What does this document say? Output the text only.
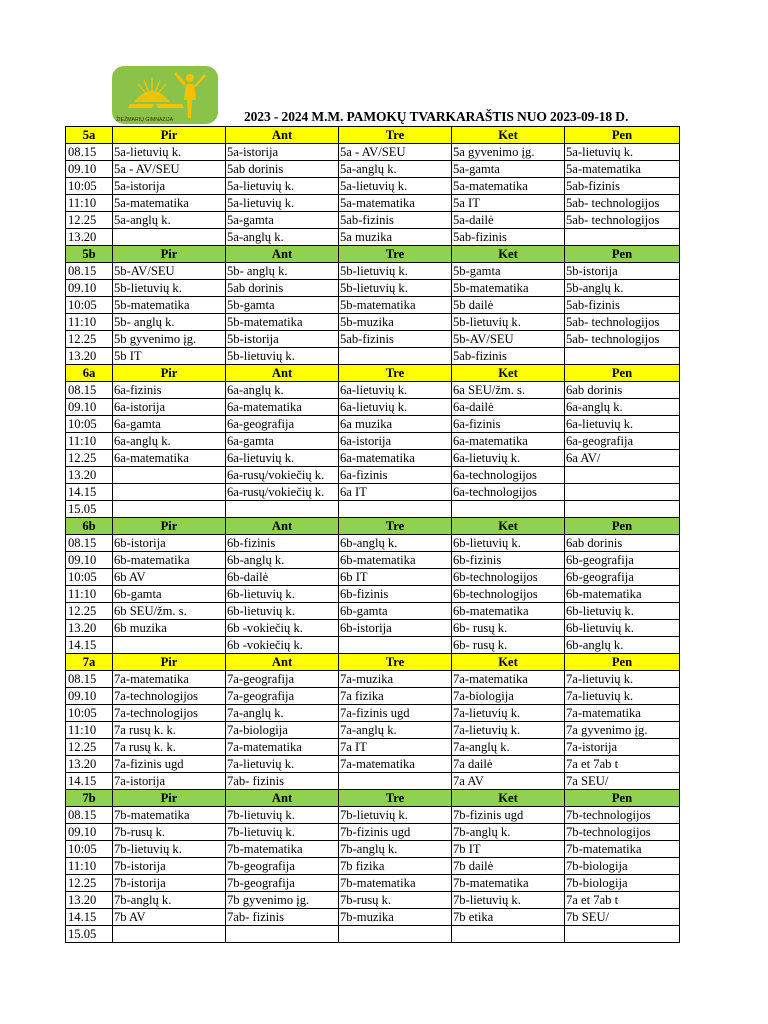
ŽIEŽMARIŲ GIMNAZIJA	2023 - 2024 M.M. PAMOKŲ TVARKARAŠTIS NUO 2023-09-18 D.
5a	Pir	Ant	Tre	Ket	Pen
08.15	5a-lietuvių k.	5a-istorija	5a - AV/SEU	5a gyvenimo įg.	5a-lietuvių k.
09.10	5a - AV/SEU	5ab dorinis	5a-anglų k.	5a-gamta	5a-matematika
10:05	5a-istorija	5a-lietuvių k.	5a-lietuvių k.	5a-matematika	5ab-fizinis
11:10	5a-matematika	5a-lietuvių k.	5a-matematika	5a IT	5ab- technologijos
12.25	5a-anglų k.	5a-gamta	5ab-fizinis	5a-dailė	5ab- technologijos
13.20		5a-anglų k.	5a muzika	5ab-fizinis	
5b	Pir	Ant	Tre	Ket	Pen
08.15	5b-AV/SEU	5b- anglų k.	5b-lietuvių k.	5b-gamta	5b-istorija
09.10	5b-lietuvių k.	5ab dorinis	5b-lietuvių k.	5b-matematika	5b-anglų k.
10:05	5b-matematika	5b-gamta	5b-matematika	5b dailė	5ab-fizinis
11:10	5b- anglų k.	5b-matematika	5b-muzika	5b-lietuvių k.	5ab- technologijos
12.25	5b gyvenimo įg.	5b-istorija	5ab-fizinis	5b-AV/SEU	5ab- technologijos
13.20	5b IT	5b-lietuvių k.		5ab-fizinis	
6a	Pir	Ant	Tre	Ket	Pen
08.15	6a-fizinis	6a-anglų k.	6a-lietuvių k.	6a SEU/žm. s.	6ab dorinis
09.10	6a-istorija	6a-matematika	6a-lietuvių k.	6a-dailė	6a-anglų k.
10:05	6a-gamta	6a-geografija	6a muzika	6a-fizinis	6a-lietuvių k.
11:10	6a-anglų k.	6a-gamta	6a-istorija	6a-matematika	6a-geografija
12.25	6a-matematika	6a-lietuvių k.	6a-matematika	6a-lietuvių k.	6a AV/
13.20		6a-rusų/vokiečių k.	6a-fizinis	6a-technologijos	
14.15		6a-rusų/vokiečių k.	6a IT	6a-technologijos	
15.05					
6b	Pir	Ant	Tre	Ket	Pen
08.15	6b-istorija	6b-fizinis	6b-anglų k.	6b-lietuvių k.	6ab dorinis
09.10	6b-matematika	6b-anglų k.	6b-matematika	6b-fizinis	6b-geografija
10:05	6b AV	6b-dailė	6b IT	6b-technologijos	6b-geografija
11:10	6b-gamta	6b-lietuvių k.	6b-fizinis	6b-technologijos	6b-matematika
12.25	6b SEU/žm. s.	6b-lietuvių k.	6b-gamta	6b-matematika	6b-lietuvių k.
13.20	6b muzika	6b -vokiečių k.	6b-istorija	6b- rusų k.	6b-lietuvių k.
14.15		6b -vokiečių k.		6b- rusų k.	6b-anglų k.
7a	Pir	Ant	Tre	Ket	Pen
08.15	7a-matematika	7a-geografija	7a-muzika	7a-matematika	7a-lietuvių k.
09.10	7a-technologijos	7a-geografija	7a fizika	7a-biologija	7a-lietuvių k.
10:05	7a-technologijos	7a-anglų k.	7a-fizinis ugd	7a-lietuvių k.	7a-matematika
11:10	7a rusų k. k.	7a-biologija	7a-anglų k.	7a-lietuvių k.	7a gyvenimo įg.
12.25	7a rusų k. k.	7a-matematika	7a IT	7a-anglų k.	7a-istorija
13.20	7a-fizinis ugd	7a-lietuvių k.	7a-matematika	7a dailė	7a et 7ab t
14.15	7a-istorija	7ab- fizinis		7a AV	7a SEU/
7b	Pir	Ant	Tre	Ket	Pen
08.15	7b-matematika	7b-lietuvių k.	7b-lietuvių k.	7b-fizinis ugd	7b-technologijos
09.10	7b-rusų k.	7b-lietuvių k.	7b-fizinis ugd	7b-anglų k.	7b-technologijos
10:05	7b-lietuvių k.	7b-matematika	7b-anglų k.	7b IT	7b-matematika
11:10	7b-istorija	7b-geografija	7b fizika	7b dailė	7b-biologija
12.25	7b-istorija	7b-geografija	7b-matematika	7b-matematika	7b-biologija
13.20	7b-anglų k.	7b gyvenimo įg.	7b-rusų k.	7b-lietuvių k.	7a et 7ab t
14.15	7b AV	7ab- fizinis	7b-muzika	7b etika	7b SEU/
15.05					
